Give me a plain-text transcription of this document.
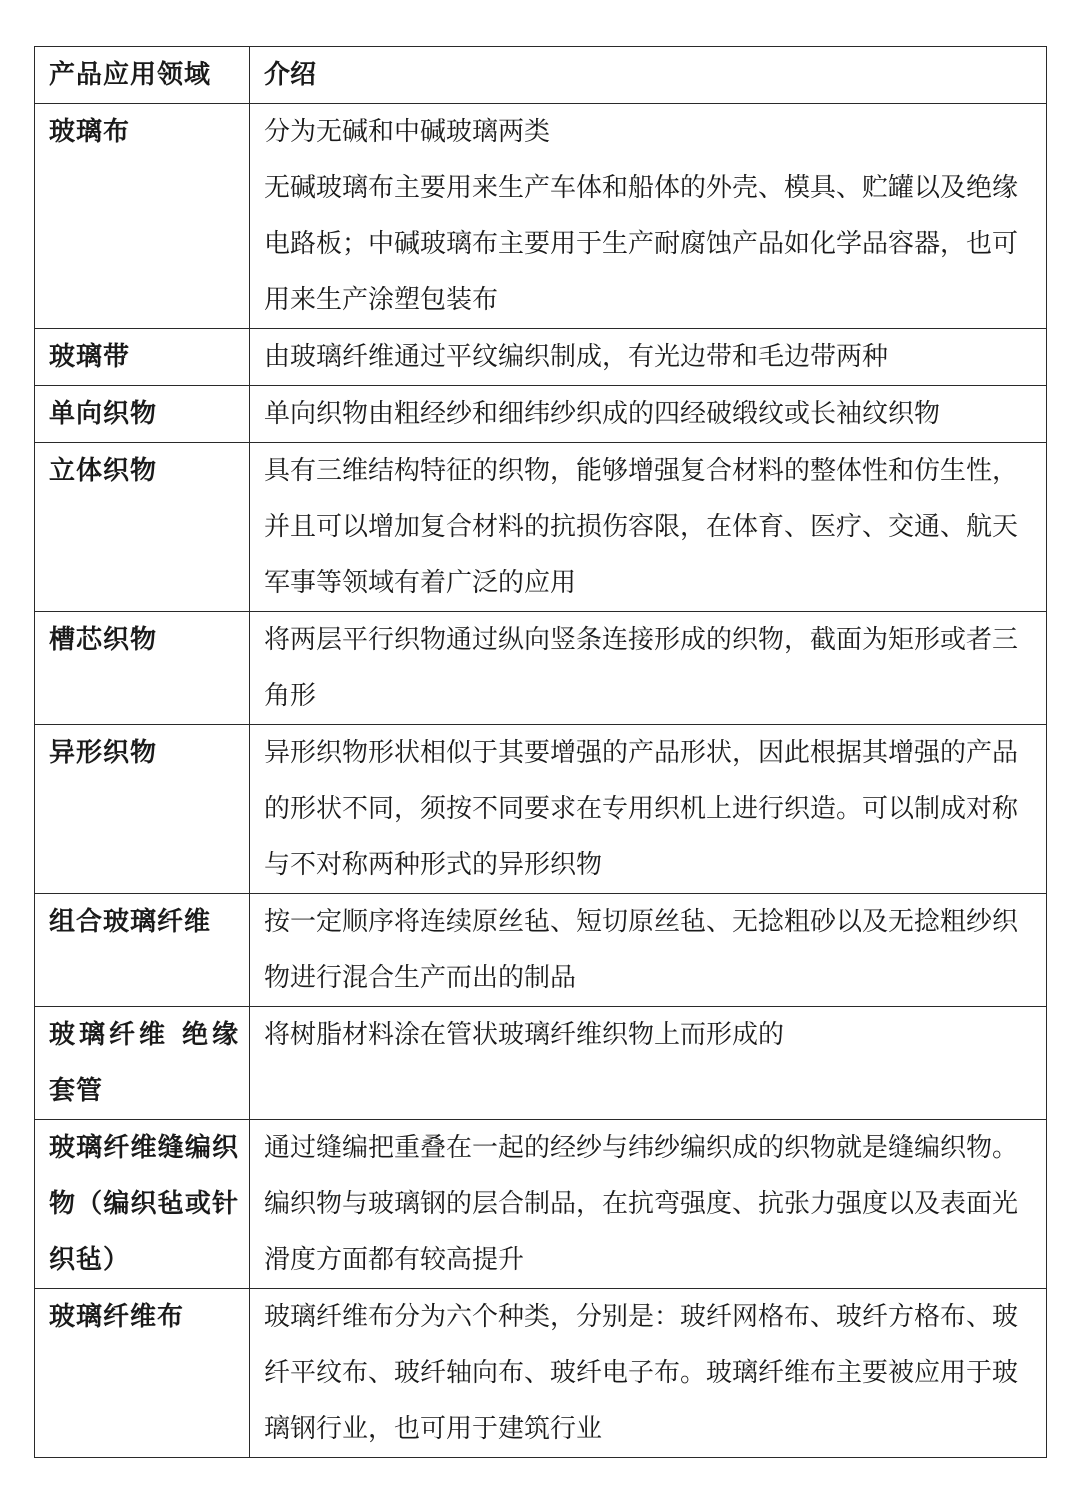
产品应用领域	介绍
玻璃布	分为无碱和中碱玻璃两类
无碱玻璃布主要用来生产车体和船体的外壳、模具、贮罐以及绝缘电路板；中碱玻璃布主要用于生产耐腐蚀产品如化学品容器，也可用来生产涂塑包装布
玻璃带	由玻璃纤维通过平纹编织制成，有光边带和毛边带两种
单向织物	单向织物由粗经纱和细纬纱织成的四经破缎纹或长袖纹织物
立体织物	具有三维结构特征的织物，能够增强复合材料的整体性和仿生性，并且可以增加复合材料的抗损伤容限，在体育、医疗、交通、航天军事等领域有着广泛的应用
槽芯织物	将两层平行织物通过纵向竖条连接形成的织物，截面为矩形或者三角形
异形织物	异形织物形状相似于其要增强的产品形状，因此根据其增强的产品的形状不同，须按不同要求在专用织机上进行织造。可以制成对称与不对称两种形式的异形织物
组合玻璃纤维	按一定顺序将连续原丝毡、短切原丝毡、无捻粗砂以及无捻粗纱织物进行混合生产而出的制品
玻璃纤维 绝缘套管	将树脂材料涂在管状玻璃纤维织物上而形成的
玻璃纤维缝编织物（编织毡或针织毡）	通过缝编把重叠在一起的经纱与纬纱编织成的织物就是缝编织物。编织物与玻璃钢的层合制品，在抗弯强度、抗张力强度以及表面光滑度方面都有较高提升
玻璃纤维布	玻璃纤维布分为六个种类，分别是：玻纤网格布、玻纤方格布、玻纤平纹布、玻纤轴向布、玻纤电子布。玻璃纤维布主要被应用于玻璃钢行业，也可用于建筑行业
